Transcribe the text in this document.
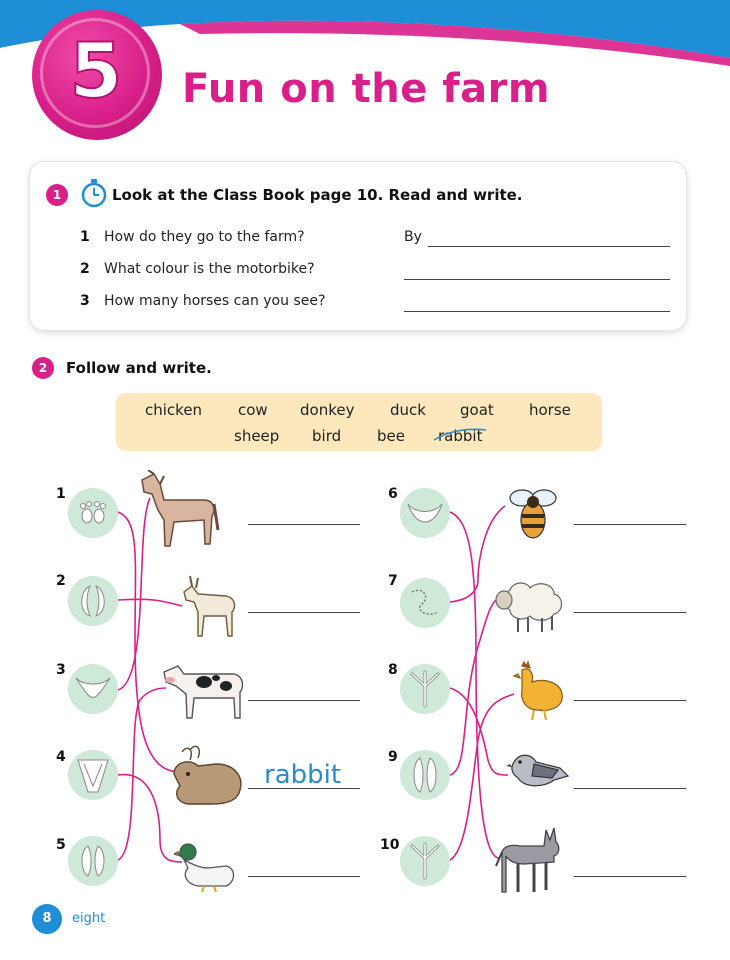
5	Fun on the farm
1	Look at the Class Book page 10. Read and write.
1 How do they go to the farm?	By
2 What colour is the motorbike?
3 How many horses can you see?
2	Follow and write.
chicken cow donkey duck goat horse
sheep bird bee rabbit
1
2
3
4
rabbit
5
6
7
8
9
10
8	eight
